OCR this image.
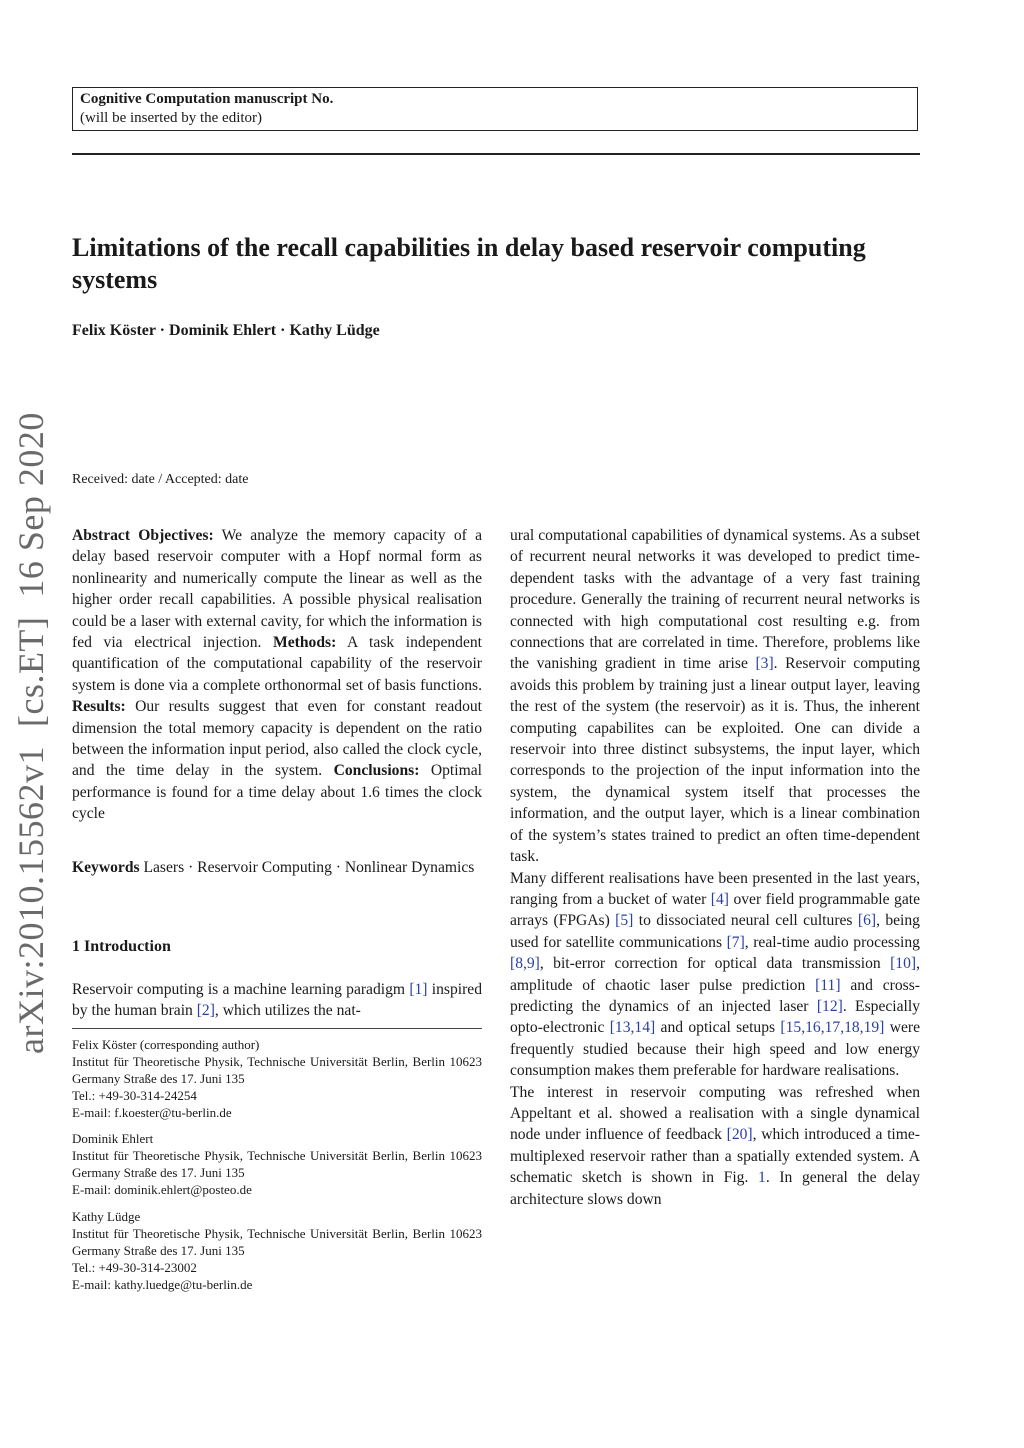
Cognitive Computation manuscript No.
(will be inserted by the editor)
Limitations of the recall capabilities in delay based reservoir computing systems
Felix Köster · Dominik Ehlert · Kathy Lüdge
Received: date / Accepted: date
arXiv:2010.15562v1  [cs.ET]  16 Sep 2020 Abstract Objectives: We analyze the memory capacity of a delay based reservoir computer with a Hopf normal form as nonlinearity and numerically compute the linear as well as the higher order recall capabilities. A possible physical realisation could be a laser with external cavity, for which the information is fed via electrical injection. Methods: A task independent quantification of the computational capability of the reservoir system is done via a complete orthonormal set of basis functions. Results: Our results suggest that even for constant readout dimension the total memory capacity is dependent on the ratio between the information input period, also called the clock cycle, and the time delay in the system. Conclusions: Optimal performance is found for a time delay about 1.6 times the clock cycle
Keywords Lasers · Reservoir Computing · Nonlinear Dynamics
1 Introduction
Reservoir computing is a machine learning paradigm [1] inspired by the human brain [2], which utilizes the nat-
Felix Köster (corresponding author)
Institut für Theoretische Physik, Technische Universität Berlin, Berlin 10623 Germany Straße des 17. Juni 135
Tel.: +49-30-314-24254
E-mail: f.koester@tu-berlin.de
Dominik Ehlert
Institut für Theoretische Physik, Technische Universität Berlin, Berlin 10623 Germany Straße des 17. Juni 135
E-mail: dominik.ehlert@posteo.de
Kathy Lüdge
Institut für Theoretische Physik, Technische Universität Berlin, Berlin 10623 Germany Straße des 17. Juni 135
Tel.: +49-30-314-23002
E-mail: kathy.luedge@tu-berlin.de

ural computational capabilities of dynamical systems. As a subset of recurrent neural networks it was developed to predict time-dependent tasks with the advantage of a very fast training procedure. Generally the training of recurrent neural networks is connected with high computational cost resulting e.g. from connections that are correlated in time. Therefore, problems like the vanishing gradient in time arise [3]. Reservoir computing avoids this problem by training just a linear output layer, leaving the rest of the system (the reservoir) as it is. Thus, the inherent computing capabilites can be exploited. One can divide a reservoir into three distinct subsystems, the input layer, which corresponds to the projection of the input information into the system, the dynamical system itself that processes the information, and the output layer, which is a linear combination of the system’s states trained to predict an often time-dependent task.

Many different realisations have been presented in the last years, ranging from a bucket of water [4] over field programmable gate arrays (FPGAs) [5] to dissociated neural cell cultures [6], being used for satellite communications [7], real-time audio processing [8,9], bit-error correction for optical data transmission [10], amplitude of chaotic laser pulse prediction [11] and cross-predicting the dynamics of an injected laser [12]. Especially opto-electronic [13,14] and optical setups [15,16,17,18,19] were frequently studied because their high speed and low energy consumption makes them preferable for hardware realisations.

The interest in reservoir computing was refreshed when Appeltant et al. showed a realisation with a single dynamical node under influence of feedback [20], which introduced a time-multiplexed reservoir rather than a spatially extended system. A schematic sketch is shown in Fig. 1. In general the delay architecture slows down
